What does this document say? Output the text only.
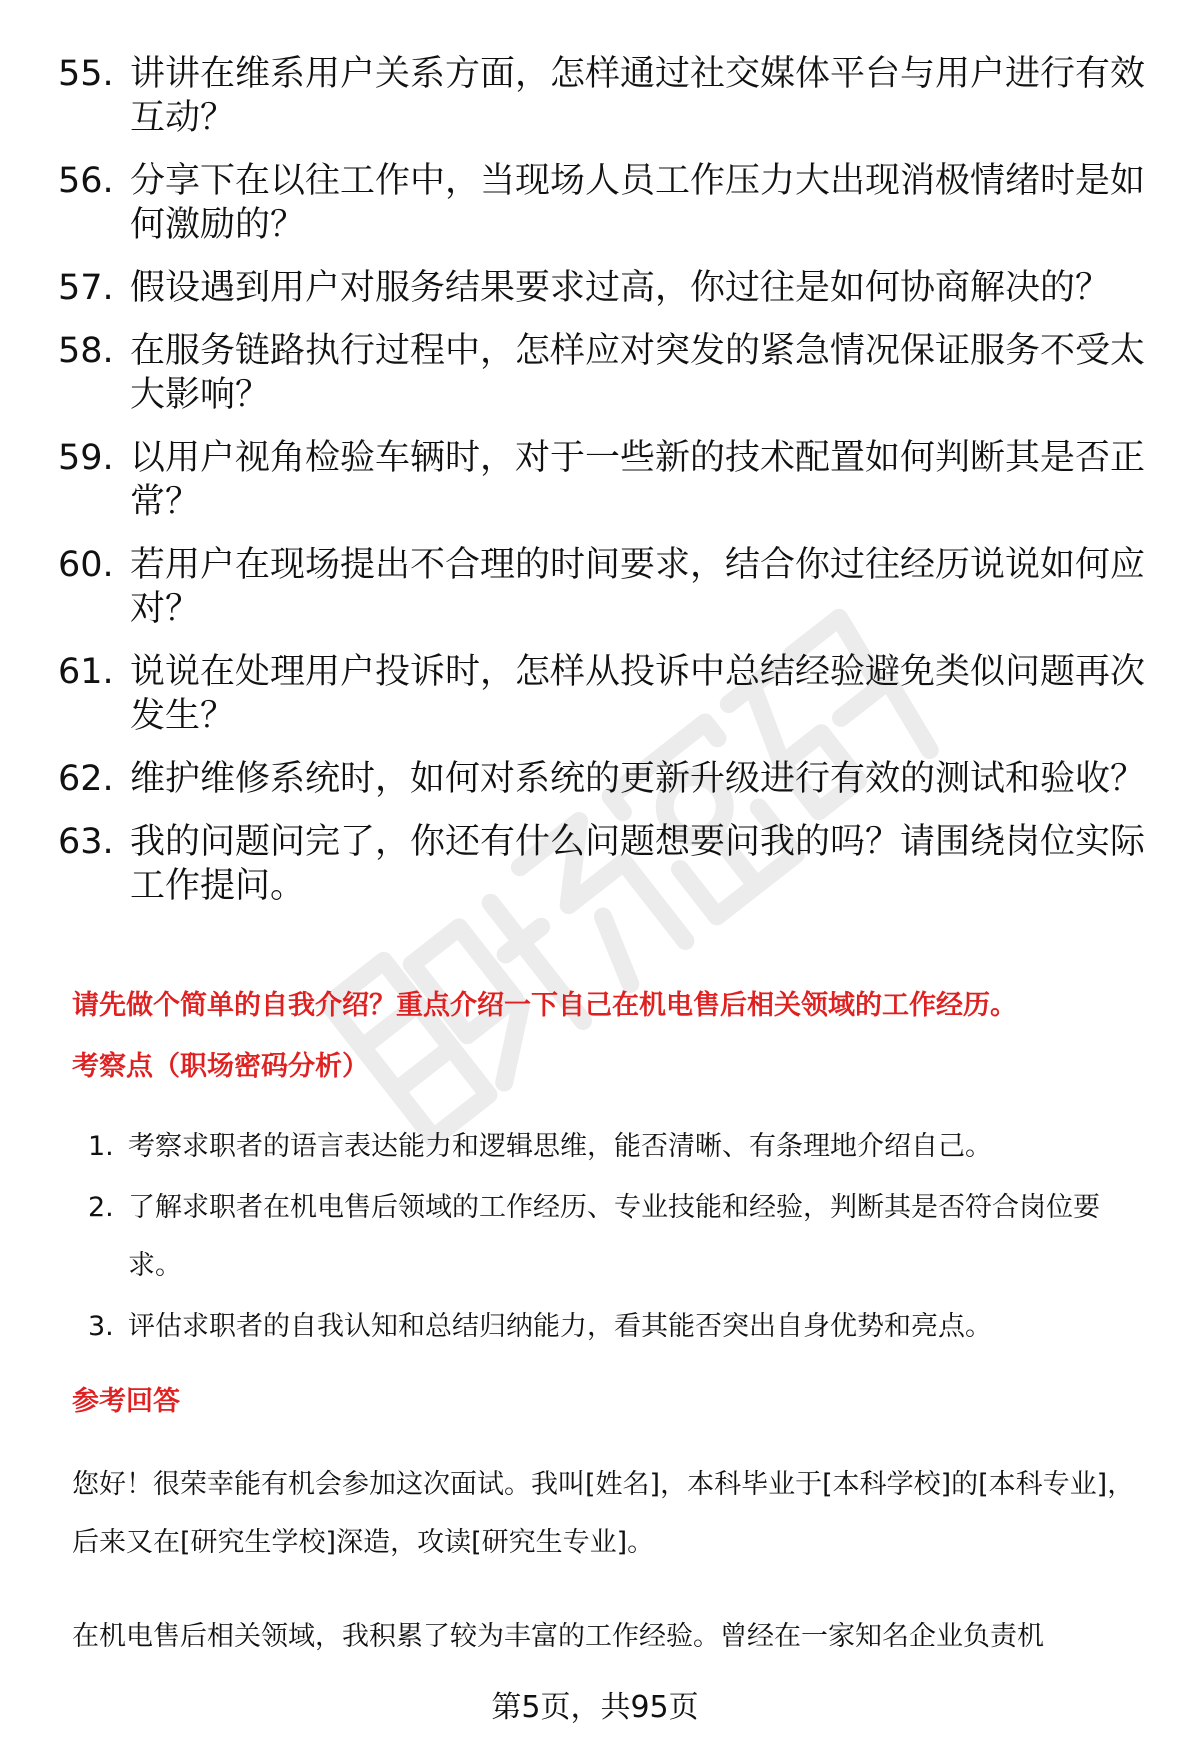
55. 讲讲在维系用户关系方面，怎样通过社交媒体平台与用户进行有效互动？
56. 分享下在以往工作中，当现场人员工作压力大出现消极情绪时是如何激励的？
57. 假设遇到用户对服务结果要求过高，你过往是如何协商解决的？
58. 在服务链路执行过程中，怎样应对突发的紧急情况保证服务不受太大影响？
59. 以用户视角检验车辆时，对于一些新的技术配置如何判断其是否正常？
60. 若用户在现场提出不合理的时间要求，结合你过往经历说说如何应对？
61. 说说在处理用户投诉时，怎样从投诉中总结经验避免类似问题再次发生？
62. 维护维修系统时，如何对系统的更新升级进行有效的测试和验收？
63. 我的问题问完了，你还有什么问题想要问我的吗？请围绕岗位实际工作提问。
请先做个简单的自我介绍？重点介绍一下自己在机电售后相关领域的工作经历。
考察点（职场密码分析）
1. 考察求职者的语言表达能力和逻辑思维，能否清晰、有条理地介绍自己。
2. 了解求职者在机电售后领域的工作经历、专业技能和经验，判断其是否符合岗位要求。
3. 评估求职者的自我认知和总结归纳能力，看其能否突出自身优势和亮点。
参考回答

您好！很荣幸能有机会参加这次面试。我叫[姓名]，本科毕业于[本科学校]的[本科专业]，后来又在[研究生学校]深造，攻读[研究生专业]。

在机电售后相关领域，我积累了较为丰富的工作经验。曾经在一家知名企业负责机

第5页，共95页
